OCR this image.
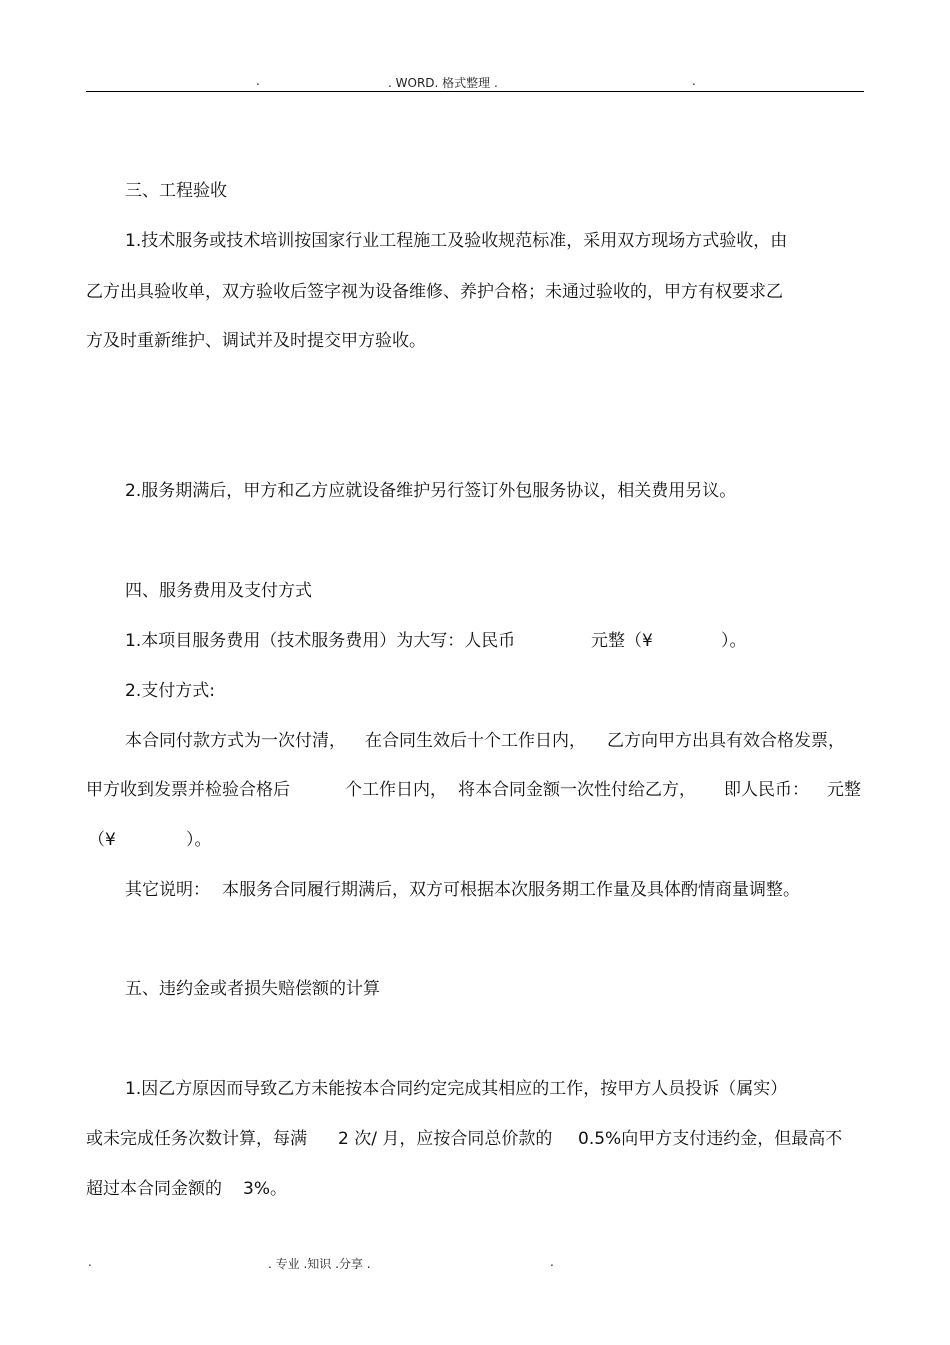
.	. WORD. 格式整理 .	.
三、工程验收
1.技术服务或技术培训按国家行业工程施工及验收规范标准，采用双方现场方式验收，由
乙方出具验收单，双方验收后签字视为设备维修、养护合格；未通过验收的，甲方有权要求乙
方及时重新维护、调试并及时提交甲方验收。
2.服务期满后，甲方和乙方应就设备维护另行签订外包服务协议，相关费用另议。
四、服务费用及支付方式
1.本项目服务费用（技术服务费用）为大写：人民币	元整（¥	）。
2.支付方式:
本合同付款方式为一次付清， 在合同生效后十个工作日内， 乙方向甲方出具有效合格发票，
甲方收到发票并检验合格后	个工作日内， 将本合同金额一次性付给乙方， 即人民币： 元整
（¥	）。
其它说明： 本服务合同履行期满后，双方可根据本次服务期工作量及具体酌情商量调整。
五、违约金或者损失赔偿额的计算
1.因乙方原因而导致乙方未能按本合同约定完成其相应的工作，按甲方人员投诉（属实）
或未完成任务次数计算，每满 2 次/ 月，应按合同总价款的 0.5%向甲方支付违约金，但最高不
超过本合同金额的 3%。
.	. 专业 .知识 .分享 .	.
